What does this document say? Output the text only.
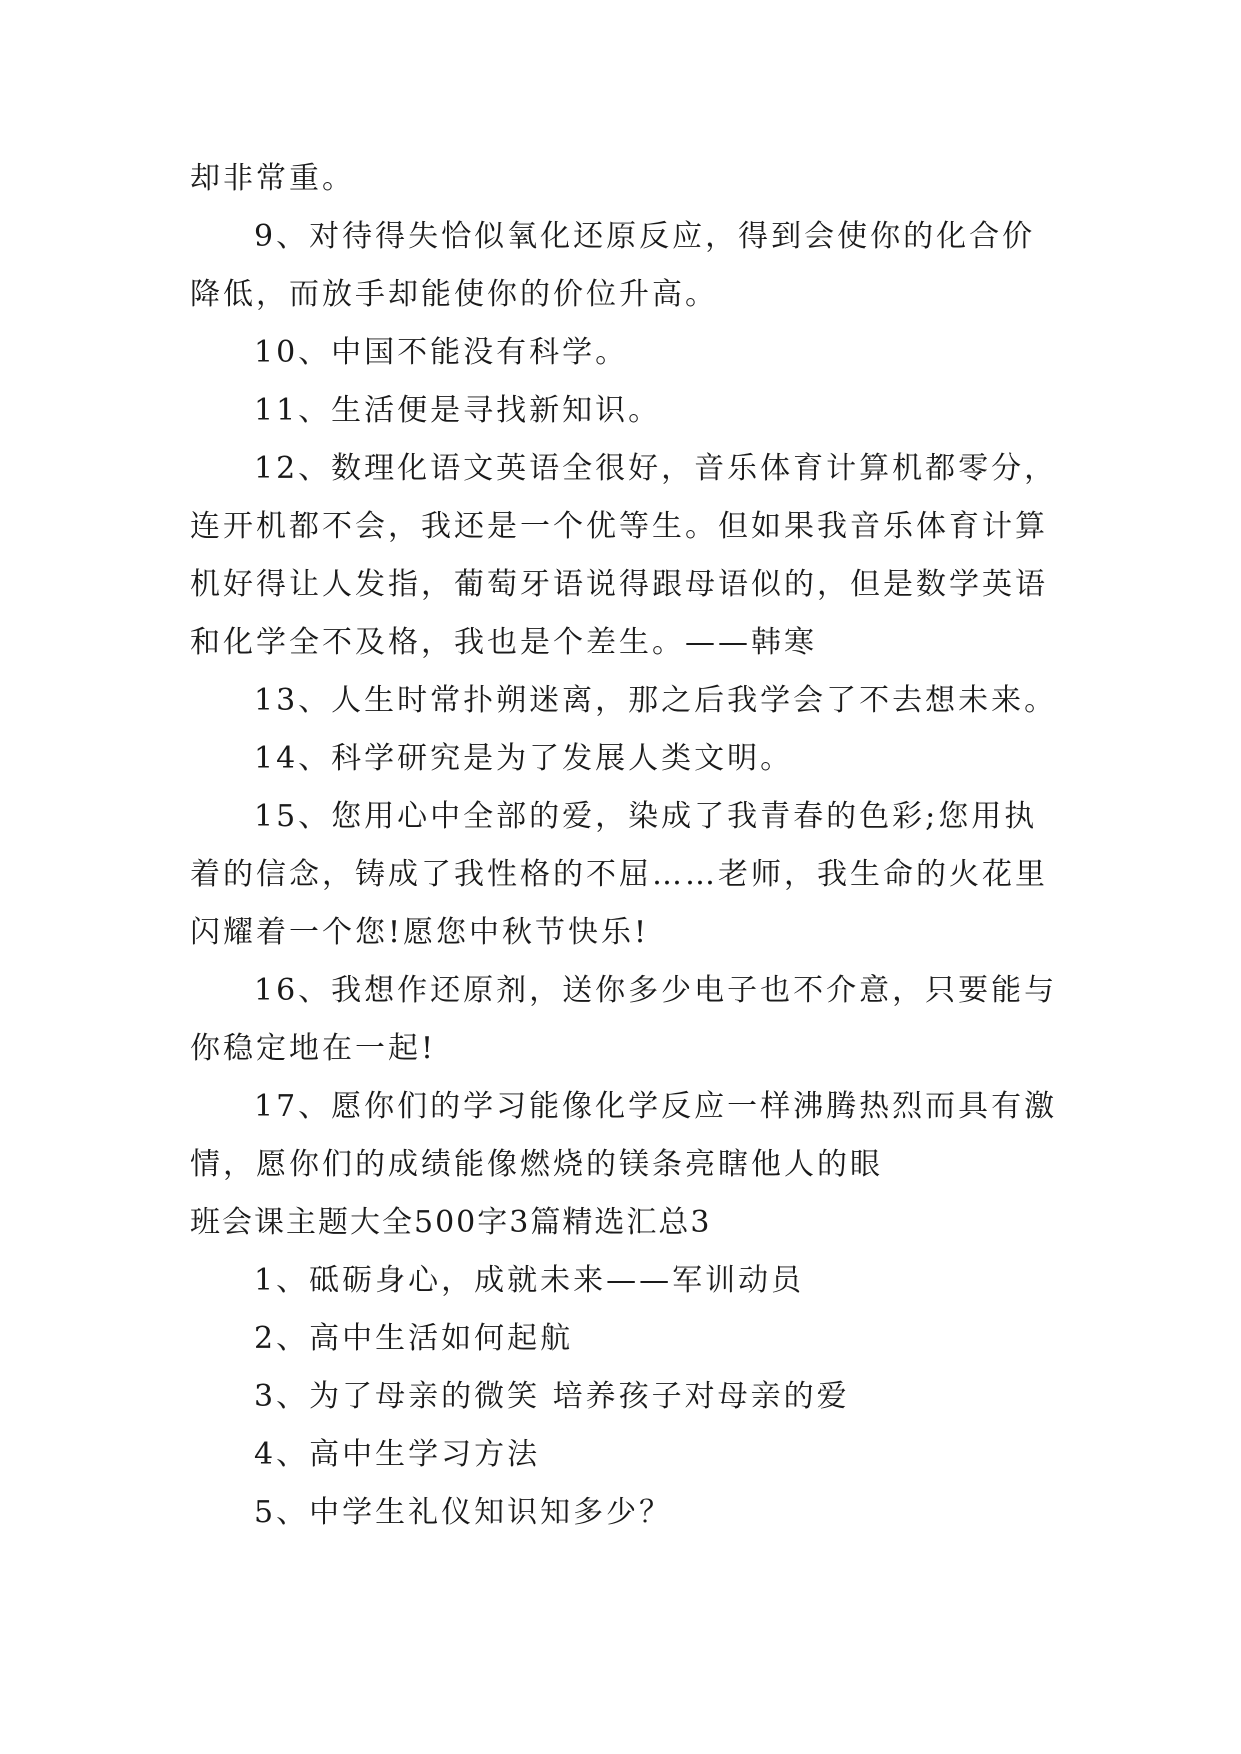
却非常重。
9、对待得失恰似氧化还原反应，得到会使你的化合价
降低，而放手却能使你的价位升高。
10、中国不能没有科学。
11、生活便是寻找新知识。
12、数理化语文英语全很好，音乐体育计算机都零分，
连开机都不会，我还是一个优等生。但如果我音乐体育计算
机好得让人发指，葡萄牙语说得跟母语似的，但是数学英语
和化学全不及格，我也是个差生。——韩寒
13、人生时常扑朔迷离，那之后我学会了不去想未来。
14、科学研究是为了发展人类文明。
15、您用心中全部的爱，染成了我青春的色彩;您用执
着的信念，铸成了我性格的不屈……老师，我生命的火花里
闪耀着一个您!愿您中秋节快乐!
16、我想作还原剂，送你多少电子也不介意，只要能与
你稳定地在一起!
17、愿你们的学习能像化学反应一样沸腾热烈而具有激
情，愿你们的成绩能像燃烧的镁条亮瞎他人的眼
班会课主题大全500字3篇精选汇总3
1、砥砺身心，成就未来——军训动员
2、高中生活如何起航
3、为了母亲的微笑 培养孩子对母亲的爱
4、高中生学习方法
5、中学生礼仪知识知多少？
